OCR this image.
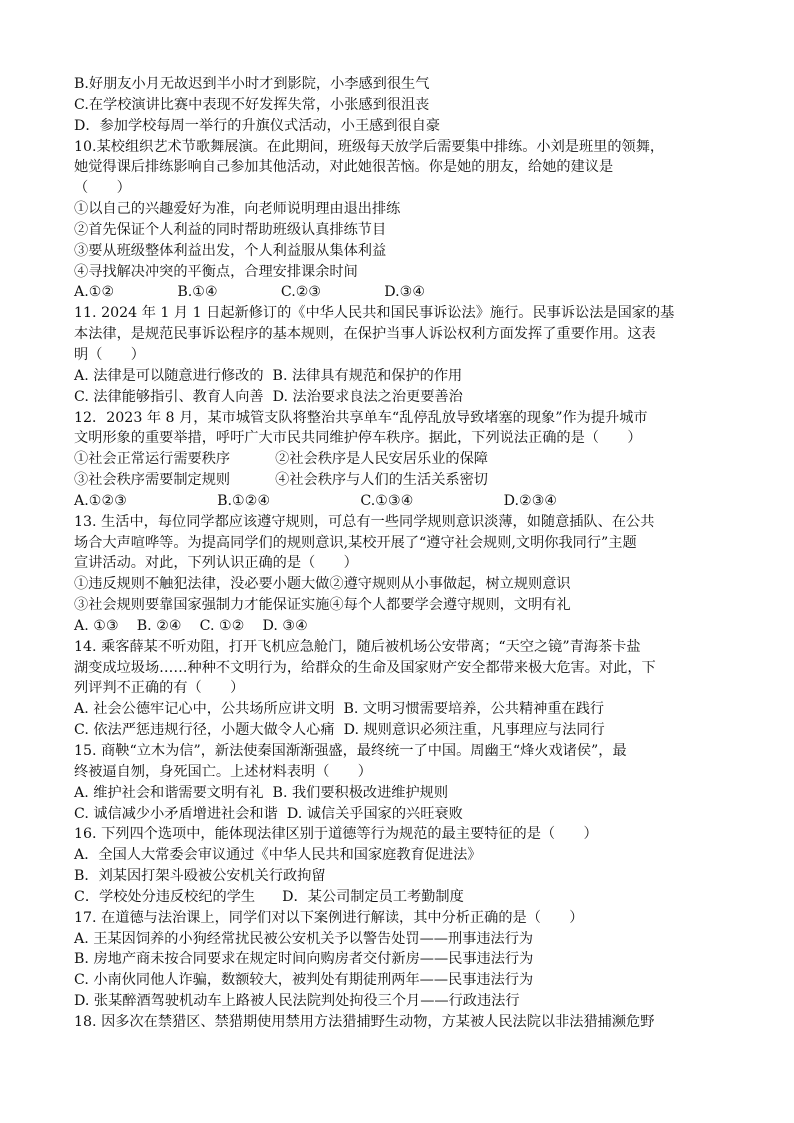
B.好朋友小月无故迟到半小时才到影院，小李感到很生气
C.在学校演讲比赛中表现不好发挥失常，小张感到很沮丧
D．参加学校每周一举行的升旗仪式活动，小王感到很自豪
10.某校组织艺术节歌舞展演。在此期间，班级每天放学后需要集中排练。小刘是班里的领舞，
她觉得课后排练影响自己参加其他活动，对此她很苦恼。你是她的朋友，给她的建议是
（　　）
①以自己的兴趣爱好为准，向老师说明理由退出排练
②首先保证个人利益的同时帮助班级认真排练节目
③要从班级整体利益出发，个人利益服从集体利益
④寻找解决冲突的平衡点，合理安排课余时间
A.①②              B.①④              C.②③              D.③④
11. 2024 年 1 月 1 日起新修订的《中华人民共和国民事诉讼法》施行。民事诉讼法是国家的基
本法律，是规范民事诉讼程序的基本规则，在保护当事人诉讼权利方面发挥了重要作用。这表
明（　　）
A. 法律是可以随意进行修改的  B. 法律具有规范和保护的作用
C. 法律能够指引、教育人向善  D. 法治要求良法之治更要善治
12．2023 年 8 月，某市城管支队将整治共享单车“乱停乱放导致堵塞的现象”作为提升城市
文明形象的重要举措，呼吁广大市民共同维护停车秩序。据此，下列说法正确的是（　　）
①社会正常运行需要秩序          ②社会秩序是人民安居乐业的保障
③社会秩序需要制定规则          ④社会秩序与人们的生活关系密切
A.①②③                    B.①②④                    C.①③④                    D.②③④
13. 生活中，每位同学都应该遵守规则，可总有一些同学规则意识淡薄，如随意插队、在公共
场合大声喧哗等。为提高同学们的规则意识,某校开展了“遵守社会规则,文明你我同行”主题
宣讲活动。对此，下列认识正确的是（　　）
①违反规则不触犯法律，没必要小题大做②遵守规则从小事做起，树立规则意识
③社会规则要靠国家强制力才能保证实施④每个人都要学会遵守规则，文明有礼
A. ①③    B. ②④    C. ①②    D. ③④
14. 乘客薛某不听劝阻，打开飞机应急舱门，随后被机场公安带离；“天空之镜”青海茶卡盐
湖变成垃圾场……种种不文明行为，给群众的生命及国家财产安全都带来极大危害。对此，下
列评判不正确的有（　　）
A. 社会公德牢记心中，公共场所应讲文明  B. 文明习惯需要培养，公共精神重在践行
C. 依法严惩违规行径，小题大做令人心痛  D. 规则意识必须注重，凡事理应与法同行
15. 商鞅“立木为信”，新法使秦国渐渐强盛，最终统一了中国。周幽王“烽火戏诸侯”，最
终被逼自刎，身死国亡。上述材料表明（　　）
A. 维护社会和谐需要文明有礼  B. 我们要积极改进维护规则
C. 诚信减少小矛盾增进社会和谐  D. 诚信关乎国家的兴旺衰败
16. 下列四个选项中，能体现法律区别于道德等行为规范的最主要特征的是（　　）
A．全国人大常委会审议通过《中华人民共和国家庭教育促进法》
B．刘某因打架斗殴被公安机关行政拘留
C．学校处分违反校纪的学生      D．某公司制定员工考勤制度
17. 在道德与法治课上，同学们对以下案例进行解读，其中分析正确的是（　　）
A. 王某因饲养的小狗经常扰民被公安机关予以警告处罚——刑事违法行为
B. 房地产商未按合同要求在规定时间向购房者交付新房——民事违法行为
C. 小南伙同他人诈骗，数额较大，被判处有期徒刑两年——民事违法行为
D. 张某醉酒驾驶机动车上路被人民法院判处拘役三个月——行政违法行
18. 因多次在禁猎区、禁猎期使用禁用方法猎捕野生动物，方某被人民法院以非法猎捕濒危野
